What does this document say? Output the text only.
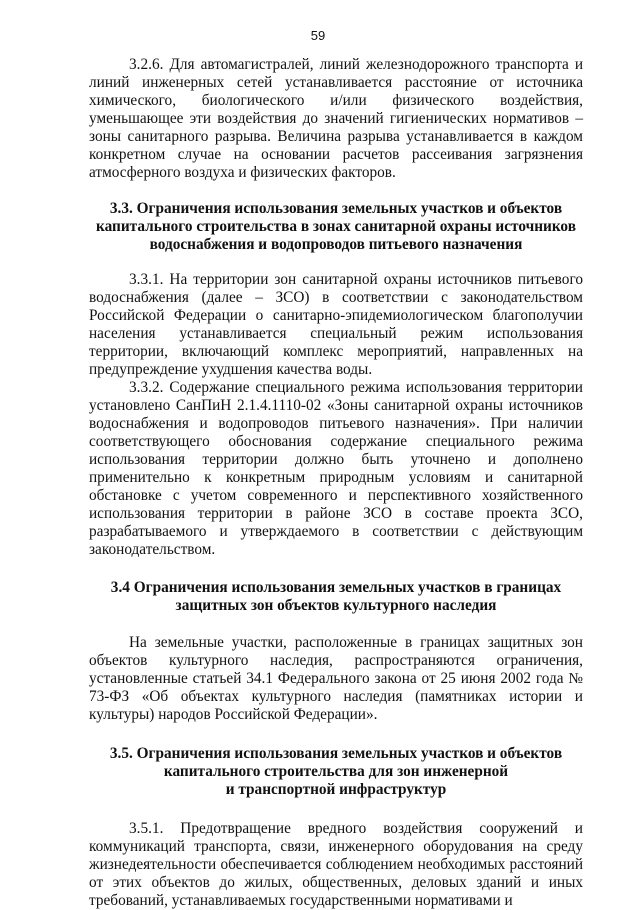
59

3.2.6. Для автомагистралей, линий железнодорожного транспорта и линий инженерных сетей устанавливается расстояние от источника химического, биологического и/или физического воздействия, уменьшающее эти воздействия до значений гигиенических нормативов – зоны санитарного разрыва. Величина разрыва устанавливается в каждом конкретном случае на основании расчетов рассеивания загрязнения атмосферного воздуха и физических факторов.

3.3. Ограничения использования земельных участков и объектов
капитального строительства в зонах санитарной охраны источников
водоснабжения и водопроводов питьевого назначения

3.3.1. На территории зон санитарной охраны источников питьевого водоснабжения (далее – ЗСО) в соответствии с законодательством Российской Федерации о санитарно-эпидемиологическом благополучии населения устанавливается специальный режим использования территории, включающий комплекс мероприятий, направленных на предупреждение ухудшения качества воды.

3.3.2. Содержание специального режима использования территории установлено СанПиН 2.1.4.1110-02 «Зоны санитарной охраны источников водоснабжения и водопроводов питьевого назначения». При наличии соответствующего обоснования содержание специального режима использования территории должно быть уточнено и дополнено применительно к конкретным природным условиям и санитарной обстановке с учетом современного и перспективного хозяйственного использования территории в районе ЗСО в составе проекта ЗСО, разрабатываемого и утверждаемого в соответствии с действующим законодательством.

3.4 Ограничения использования земельных участков в границах
защитных зон объектов культурного наследия

На земельные участки, расположенные в границах защитных зон объектов культурного наследия, распространяются ограничения, установленные статьей 34.1 Федерального закона от 25 июня 2002 года № 73-ФЗ «Об объектах культурного наследия (памятниках истории и культуры) народов Российской Федерации».

3.5. Ограничения использования земельных участков и объектов
капитального строительства для зон инженерной
и транспортной инфраструктур

3.5.1. Предотвращение вредного воздействия сооружений и коммуникаций транспорта, связи, инженерного оборудования на среду жизнедеятельности обеспечивается соблюдением необходимых расстояний от этих объектов до жилых, общественных, деловых зданий и иных требований, устанавливаемых государственными нормативами и
